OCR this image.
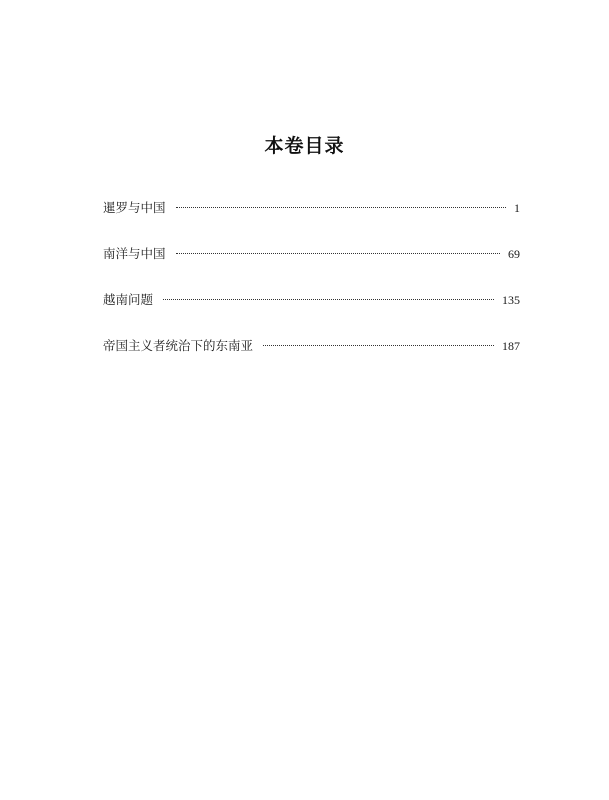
本卷目录
暹罗与中国	1
南洋与中国	69
越南问题	135
帝国主义者统治下的东南亚	187
